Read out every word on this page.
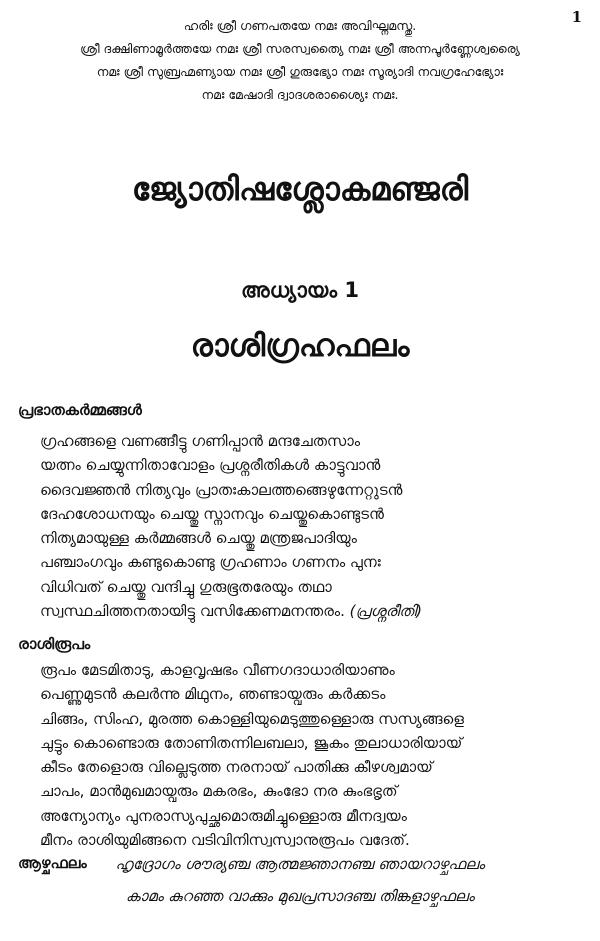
1
ഹരിഃ ശ്രീ ഗണപതയേ നമഃ അവിഘ്നമസ്തു.
ശ്രീ ദക്ഷിണാമൂർത്തയേ നമഃ ശ്രീ സരസ്വത്യൈ നമഃ ശ്രീ അന്നപൂർണ്ണേശ്വര്യൈ
നമഃ ശ്രീ സുബ്രഹ്മണ്യായ നമഃ ശ്രീ ഗുരുഭ്യോ നമഃ സൂര്യാദി നവഗ്രഹേഭ്യോഃ
നമഃ മേഷാദി ദ്വാദശരാശ്യൈഃ നമഃ.
ജ്യോതിഷശ്ലോകമഞ്ജരി
അധ്യായം 1
രാശിഗ്രഹഫലം
പ്രഭാതകർമ്മങ്ങൾ
ഗ്രഹങ്ങളെ വണങ്ങീട്ടു ഗണിപ്പാൻ മന്ദചേതസാം
യത്നം ചെയ്യുന്നിതാവോളം പ്രശ്നരീതികൾ കാട്ടുവാൻ
ദൈവജ്ഞൻ നിത്യവും പ്രാതഃകാലത്തങ്ങെഴുന്നേറ്റുടൻ
ദേഹശോധനയും ചെയ്തു സ്നാനവും ചെയ്തുകൊണ്ടുടൻ
നിത്യമായുള്ള കർമ്മങ്ങൾ ചെയ്തു മന്ത്രജപാദിയും
പഞ്ചാംഗവും കണ്ടുകൊണ്ടു ഗ്രഹണാം ഗണനം പുനഃ
വിധിവത് ചെയ്തു വന്ദിച്ചു ഗുരുഭൂതരേയും തഥാ
സ്വസ്ഥചിത്തനതായിട്ടു വസിക്കേണമനന്തരം. (പ്രശ്നരീതി)
രാശിരൂപം
രൂപം മേടമിതാടു, കാളവൃഷഭം വീണഗദാധാരിയാണും
പെണ്ണുമുടൻ കലർന്നു മിഥുനം, ഞണ്ടായ്വരും കർക്കടം
ചിങ്ങം, സിംഹ, മുരത്ത കൊള്ളിയുമെടുത്തുള്ളൊരു സസ്യങ്ങളെ
ചുട്ടും കൊണ്ടൊരു തോണിതന്നിലബലാ, ജൂകം തുലാധാരിയായ്
കീടം തേളൊരു വില്ലെടുത്ത നരനായ് പാതിക്കു കീഴശ്വമായ്
ചാപം, മാൻമുഖമായ്വരും മകരഭം, കുംഭോ നര കുംഭഭൃത്
അന്യോന്യം പുനരാസ്യപുച്ഛമൊരുമിച്ചുള്ളൊരു മീനദ്വയം
മീനം രാശിയുമിങ്ങനെ വടിവിനിസ്വസ്വാനുരൂപം വദേത്.
ആഴ്ചഫലം	ഹൃദ്രോഗം ശൗര്യഞ്ച ആത്മജ്ഞാനഞ്ച ഞായറാഴ്ചഫലം
കാമം കുറഞ്ഞ വാക്കും മുഖപ്രസാദഞ്ച തിങ്കളാഴ്ചഫലം
